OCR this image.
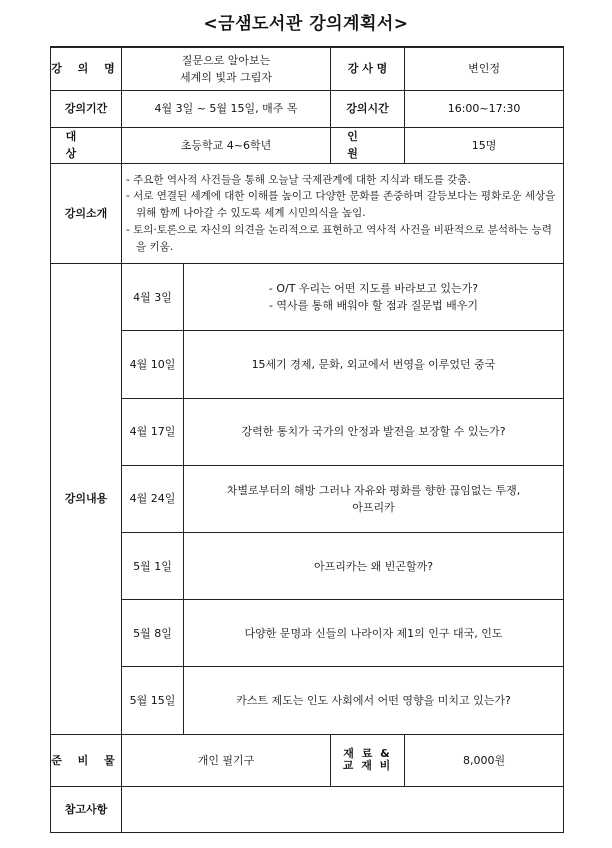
<금샘도서관 강의계획서>
강 의 명	질문으로 알아보는
세계의 빛과 그림자		강 사 명	변인정
강의기간	4월 3일 ~ 5월 15일, 매주 목		강의시간	16:00~17:30
대 상	초등학교 4~6학년		인 원	15명
강의소개	- 주요한 역사적 사건들을 통해 오늘날 국제관계에 대한 지식과 태도를 갖춤.
- 서로 연결된 세계에 대한 이해를 높이고 다양한 문화를 존중하며 갈등보다는 평화로운 세상을 위해 함께 나아갈 수 있도록 세계 시민의식을 높임.
- 토의·토론으로 자신의 의견을 논리적으로 표현하고 역사적 사건을 비판적으로 분석하는 능력을 키움.			

강의내용	4월 3일	- O/T 우리는 어떤 지도를 바라보고 있는가?
- 역사를 통해 배워야 할 점과 질문법 배우기		

	4월 10일	15세기 경제, 문화, 외교에서 번영을 이루었던 중국		

	4월 17일	강력한 통치가 국가의 안정과 발전을 보장할 수 있는가?		

	4월 24일	차별로부터의 해방 그러나 자유와 평화를 향한 끊임없는 투쟁,
아프리카		

	5월 1일	아프리카는 왜 빈곤할까?		

	5월 8일	다양한 문명과 신들의 나라이자 제1의 인구 대국, 인도		

	5월 15일	카스트 제도는 인도 사회에서 어떤 영향을 미치고 있는가?		

준 비 물	개인 필기구		재 료 &
교 재 비	8,000원
참고사항				
